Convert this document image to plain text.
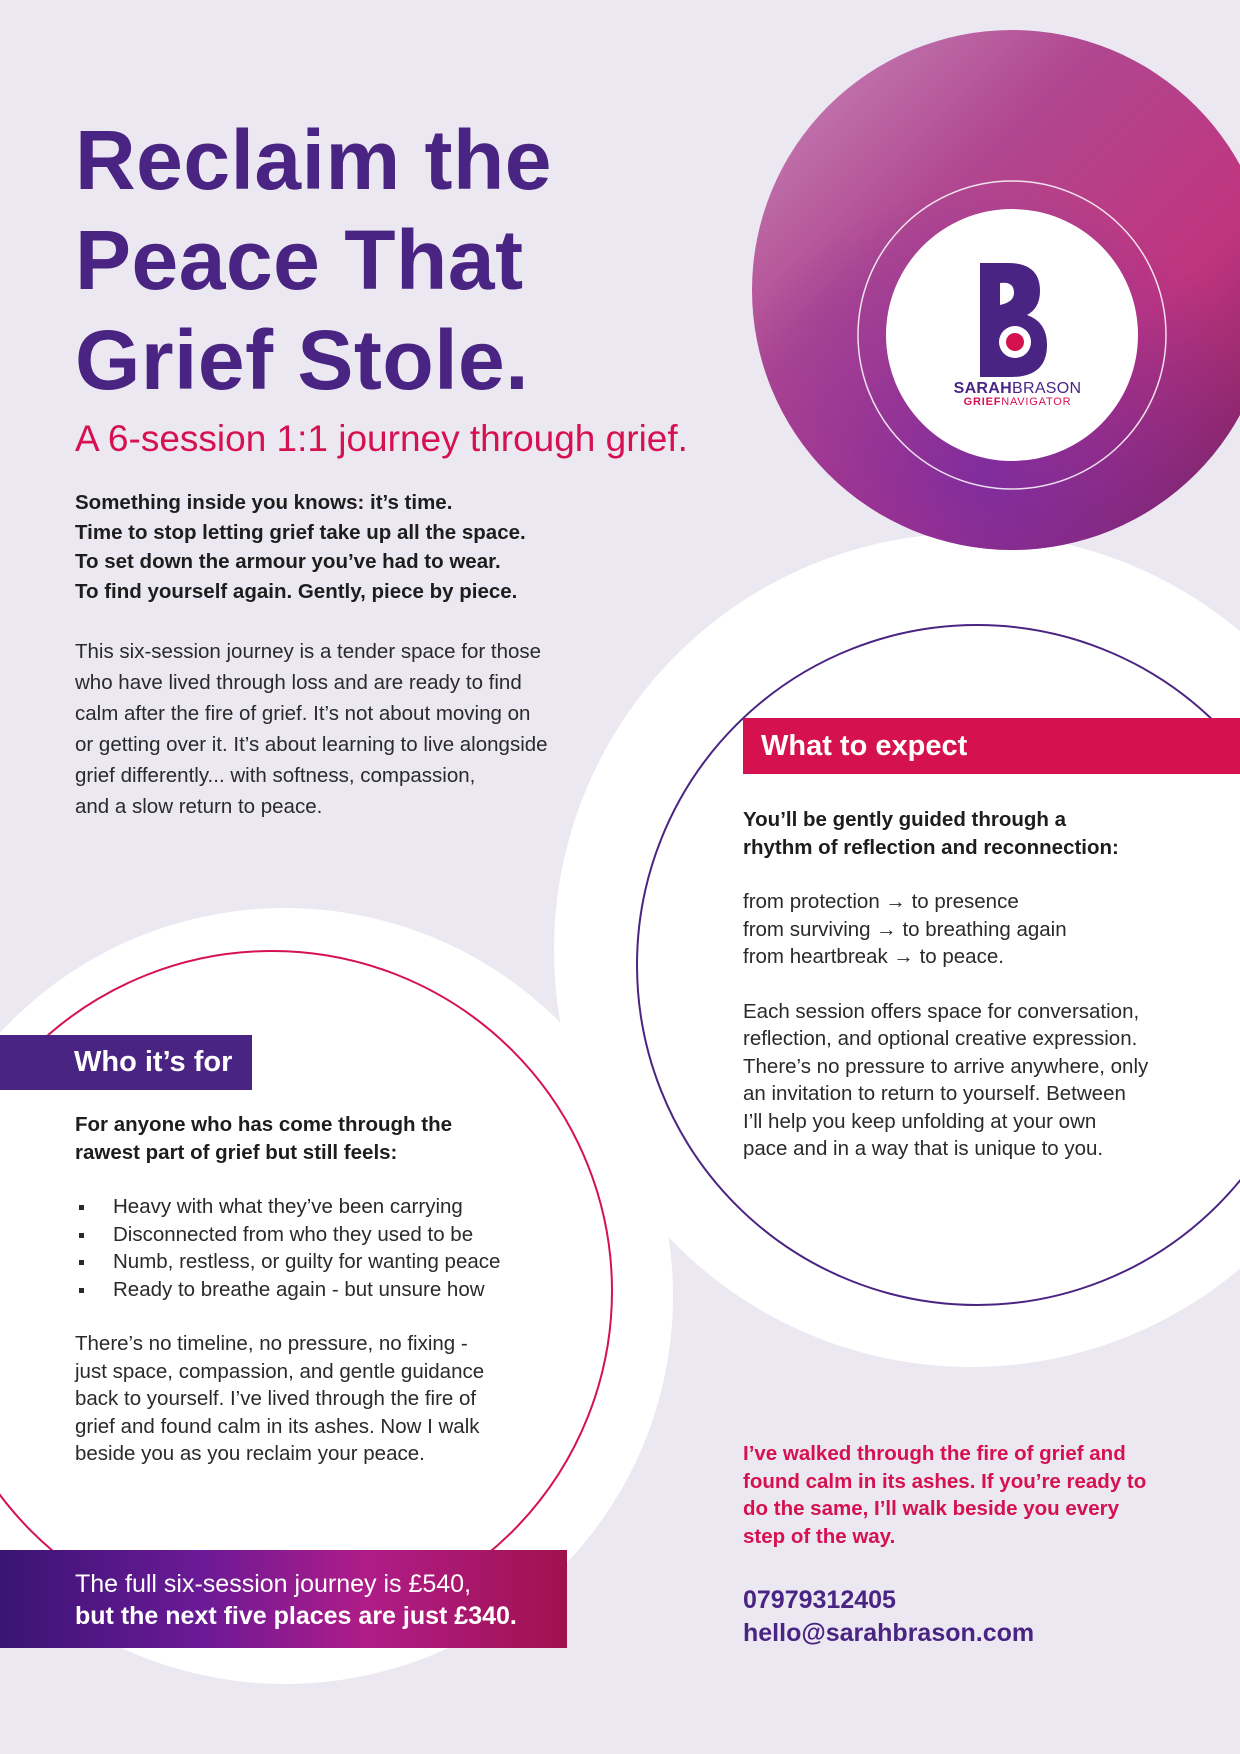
SARAHBRASON
GRIEFNAVIGATOR
Reclaim the
Peace That
Grief Stole.
A 6-session 1:1 journey through grief.
Something inside you knows: it’s time.
Time to stop letting grief take up all the space.
To set down the armour you’ve had to wear.
To find yourself again. Gently, piece by piece.
This six-session journey is a tender space for those
who have lived through loss and are ready to find
calm after the fire of grief. It’s not about moving on
or getting over it. It’s about learning to live alongside
grief differently... with softness, compassion,
and a slow return to peace.
What to expect
You’ll be gently guided through a
rhythm of reflection and reconnection:
from protection → to presence
from surviving → to breathing again
from heartbreak → to peace.
Each session offers space for conversation,
reflection, and optional creative expression.
There’s no pressure to arrive anywhere, only
an invitation to return to yourself. Between
I’ll help you keep unfolding at your own
pace and in a way that is unique to you.
Who it’s for
For anyone who has come through the
rawest part of grief but still feels:
Heavy with what they’ve been carrying
Disconnected from who they used to be
Numb, restless, or guilty for wanting peace
Ready to breathe again - but unsure how
There’s no timeline, no pressure, no fixing -
just space, compassion, and gentle guidance
back to yourself. I’ve lived through the fire of
grief and found calm in its ashes. Now I walk
beside you as you reclaim your peace.
The full six-session journey is £540,
but the next five places are just £340.
I’ve walked through the fire of grief and
found calm in its ashes. If you’re ready to
do the same, I’ll walk beside you every
step of the way.
07979312405
hello@sarahbrason.com
